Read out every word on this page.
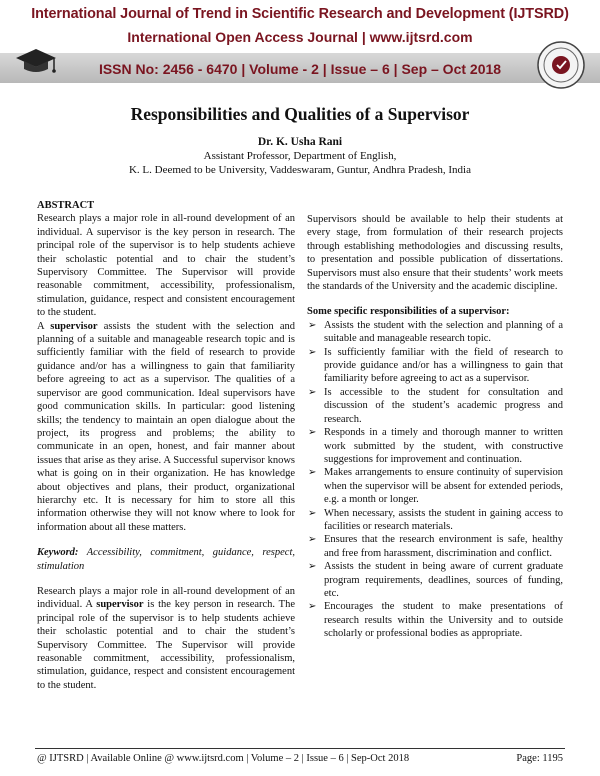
International Journal of Trend in Scientific Research and Development (IJTSRD)
International Open Access Journal | www.ijtsrd.com
ISSN No: 2456 - 6470 | Volume - 2 | Issue – 6 | Sep – Oct 2018
Responsibilities and Qualities of a Supervisor
Dr. K. Usha Rani
Assistant Professor, Department of English,
K. L. Deemed to be University, Vaddeswaram, Guntur, Andhra Pradesh, India

ABSTRACT

Research plays a major role in all-round development of an individual. A supervisor is the key person in research. The principal role of the supervisor is to help students achieve their scholastic potential and to chair the student’s Supervisory Committee. The Supervisor will provide reasonable commitment, accessibility, professionalism, stimulation, guidance, respect and consistent encouragement to the student.

A supervisor assists the student with the selection and planning of a suitable and manageable research topic and is sufficiently familiar with the field of research to provide guidance and/or has a willingness to gain that familiarity before agreeing to act as a supervisor. The qualities of a supervisor are good communication. Ideal supervisors have good communication skills. In particular: good listening skills; the tendency to maintain an open dialogue about the project, its progress and problems; the ability to communicate in an open, honest, and fair manner about issues that arise as they arise. A Successful supervisor knows what is going on in their organization. He has knowledge about objectives and plans, their product, organizational hierarchy etc. It is necessary for him to store all this information otherwise they will not know where to look for information about all these matters.

Keyword: Accessibility, commitment, guidance, respect, stimulation

Research plays a major role in all-round development of an individual. A supervisor is the key person in research. The principal role of the supervisor is to help students achieve their scholastic potential and to chair the student’s Supervisory Committee. The Supervisor will provide reasonable commitment, accessibility, professionalism, stimulation, guidance, respect and consistent encouragement to the student.

Supervisors should be available to help their students at every stage, from formulation of their research projects through establishing methodologies and discussing results, to presentation and possible publication of dissertations. Supervisors must also ensure that their students’ work meets the standards of the University and the academic discipline.

Some specific responsibilities of a supervisor:

➢ Assists the student with the selection and planning of a suitable and manageable research topic.
➢ Is sufficiently familiar with the field of research to provide guidance and/or has a willingness to gain that familiarity before agreeing to act as a supervisor.
➢ Is accessible to the student for consultation and discussion of the student’s academic progress and research.
➢ Responds in a timely and thorough manner to written work submitted by the student, with constructive suggestions for improvement and continuation.
➢ Makes arrangements to ensure continuity of supervision when the supervisor will be absent for extended periods, e.g. a month or longer.
➢ When necessary, assists the student in gaining access to facilities or research materials.
➢ Ensures that the research environment is safe, healthy and free from harassment, discrimination and conflict.
➢ Assists the student in being aware of current graduate program requirements, deadlines, sources of funding, etc.
➢ Encourages the student to make presentations of research results within the University and to outside scholarly or professional bodies as appropriate.
@ IJTSRD | Available Online @ www.ijtsrd.com | Volume – 2 | Issue – 6 | Sep-Oct 2018	Page: 1195
